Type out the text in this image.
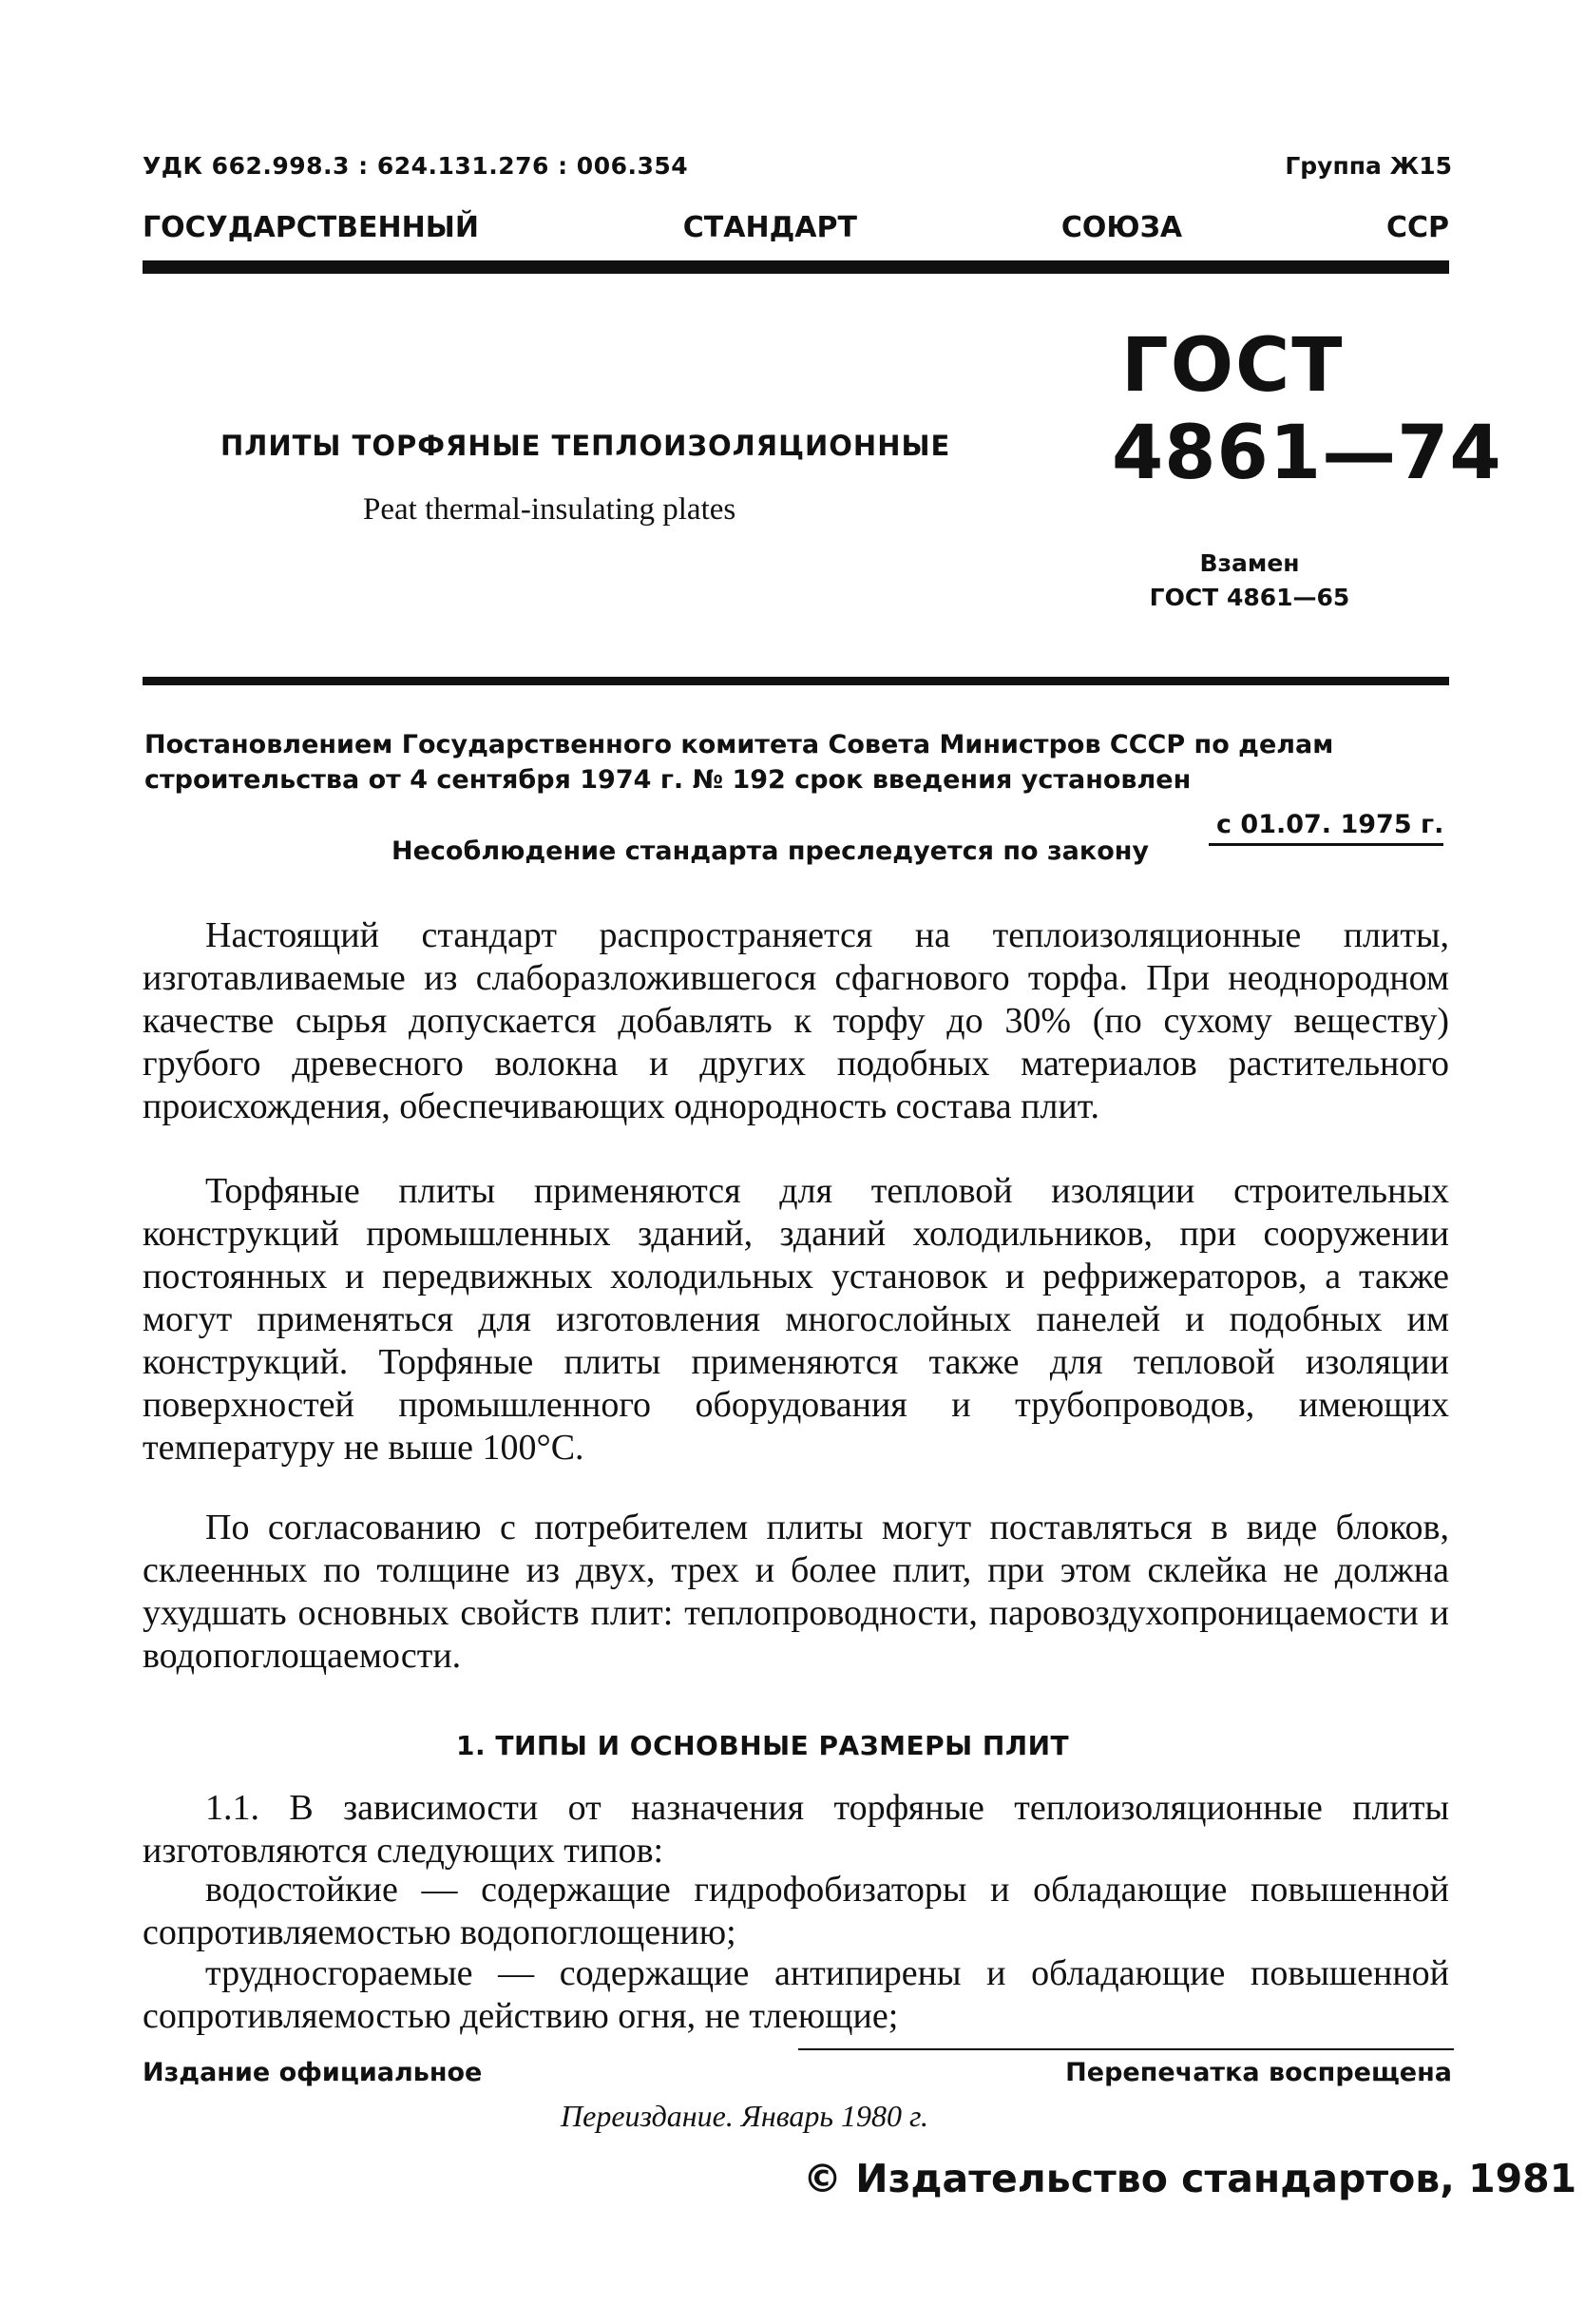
УДК 662.998.3 : 624.131.276 : 006.354	Группа Ж15
ГОСУДАРСТВЕННЫЙ	СТАНДАРТ	СОЮЗА	ССР
ГОСТ
4861—74
ПЛИТЫ ТОРФЯНЫЕ ТЕПЛОИЗОЛЯЦИОННЫЕ
Peat thermal-insulating plates
Взамен
ГОСТ 4861—65
Постановлением Государственного комитета Совета Министров СССР по делам строительства от 4 сентября 1974 г. № 192 срок введения установлен
с 01.07. 1975 г.
Несоблюдение стандарта преследуется по закону

Настоящий стандарт распространяется на теплоизоляционные плиты, изготавливаемые из слаборазложившегося сфагнового торфа. При неоднородном качестве сырья допускается добавлять к торфу до 30% (по сухому веществу) грубого древесного волокна и других подобных материалов растительного происхождения, обеспечивающих однородность состава плит.

Торфяные плиты применяются для тепловой изоляции строительных конструкций промышленных зданий, зданий холодильников, при сооружении постоянных и передвижных холодильных установок и рефрижераторов, а также могут применяться для изготовления многослойных панелей и подобных им конструкций. Торфяные плиты применяются также для тепловой изоляции поверхностей промышленного оборудования и трубопроводов, имеющих температуру не выше 100°С.

По согласованию с потребителем плиты могут поставляться в виде блоков, склеенных по толщине из двух, трех и более плит, при этом склейка не должна ухудшать основных свойств плит: теплопроводности, паровоздухопроницаемости и водопоглощаемости.

1. ТИПЫ И ОСНОВНЫЕ РАЗМЕРЫ ПЛИТ

1.1. В зависимости от назначения торфяные теплоизоляционные плиты изготовляются следующих типов:

водостойкие — содержащие гидрофобизаторы и обладающие повышенной сопротивляемостью водопоглощению;

трудносгораемые — содержащие антипирены и обладающие повышенной сопротивляемостью действию огня, не тлеющие;

Издание официальное	Перепечатка воспрещена
Переиздание. Январь 1980 г.
© Издательство стандартов, 1981
